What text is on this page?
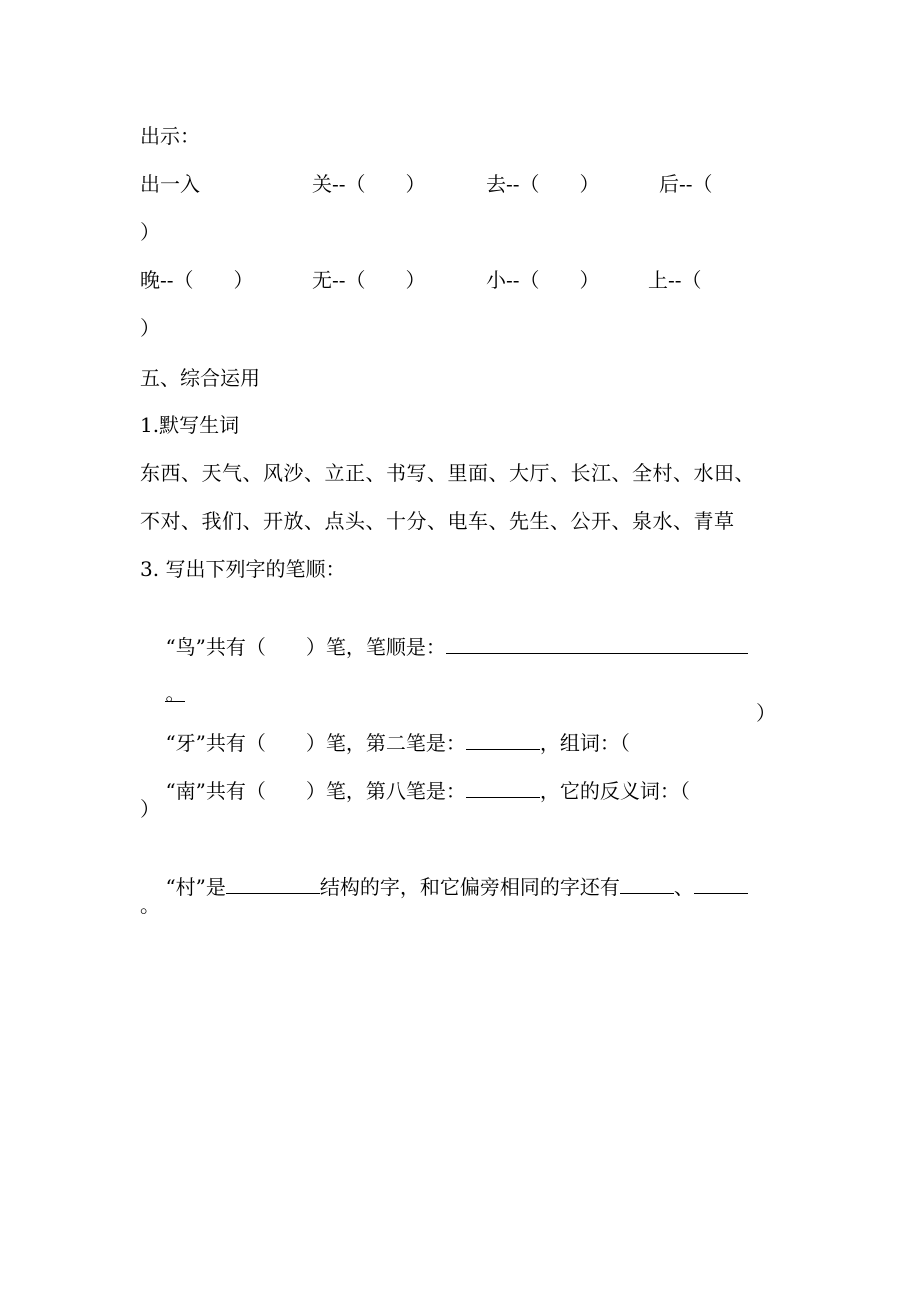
出示：
出一入	关--（　　）	去--（　　）	后--（
）
晚--（　　）	无--（　　）	小--（　　） 上--（
）
五、综合运用
1.默写生词
东西、天气、风沙、立正、书写、里面、大厅、长江、全村、水田、
不对、我们、开放、点头、十分、电车、先生、公开、泉水、青草
3. 写出下列字的笔顺：

“鸟”共有（　　）笔，笔顺是：

。

“牙”共有（　　）笔，第二笔是：	，组词：（

）

“南”共有（　　）笔，第八笔是：	，它的反义词：（

）

“村”是	结构的字，和它偏旁相同的字还有	、

。
